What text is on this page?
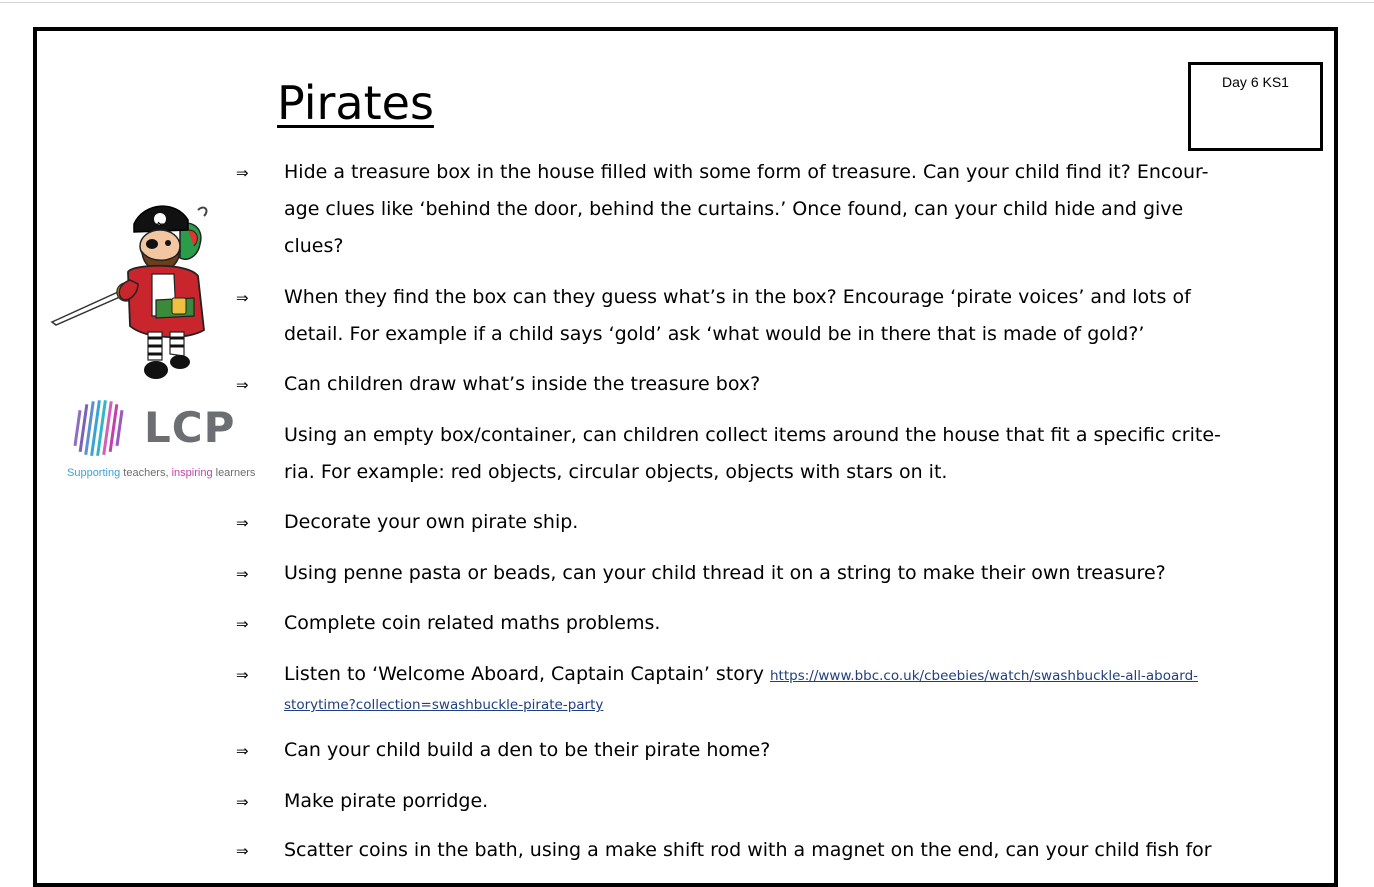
Pirates	Day 6 KS1
LCP
Supporting teachers, inspiring learners
⇒	Hide a treasure box in the house filled with some form of treasure. Can your child find it? Encour-
age clues like ‘behind the door, behind the curtains.’ Once found, can your child hide and give
clues?
⇒	When they find the box can they guess what’s in the box? Encourage ‘pirate voices’ and lots of
detail. For example if a child says ‘gold’ ask ‘what would be in there that is made of gold?’
⇒	Can children draw what’s inside the treasure box?
Using an empty box/container, can children collect items around the house that fit a specific crite-
ria. For example: red objects, circular objects, objects with stars on it.
⇒	Decorate your own pirate ship.
⇒	Using penne pasta or beads, can your child thread it on a string to make their own treasure?
⇒	Complete coin related maths problems.
⇒	Listen to ‘Welcome Aboard, Captain Captain’ story https://www.bbc.co.uk/cbeebies/watch/swashbuckle-all-aboard-
storytime?collection=swashbuckle-pirate-party
⇒	Can your child build a den to be their pirate home?
⇒	Make pirate porridge.
⇒	Scatter coins in the bath, using a make shift rod with a magnet on the end, can your child fish for
